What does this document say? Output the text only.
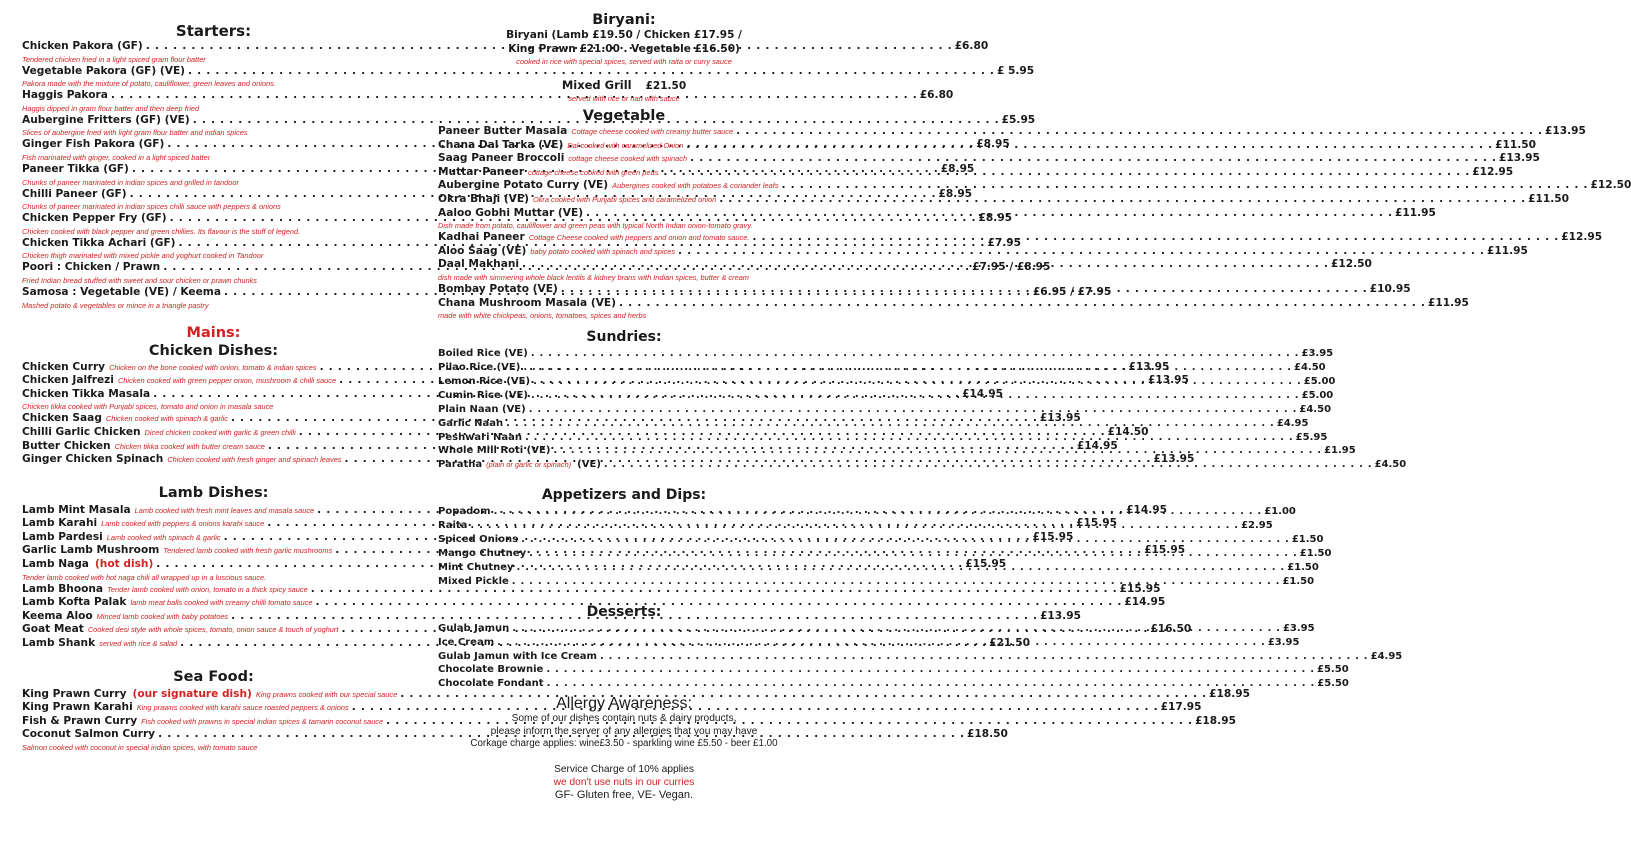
Starters:
Chicken Pakora (GF)
. . .	£6.80
Tendered chicken fried in a light spiced gram flour batter
Vegetable Pakora (GF) (VE)
. . .	£ 5.95
Pakora made with the mixture of potato, cauliflower, green leaves and onions.
Haggis Pakora
. . .	£6.80
Haggis dipped in gram flour batter and then deep fried
Aubergine Fritters (GF) (VE)
. . .	£5.95
Slices of aubergine fried with light gram flour batter and indian spices
Ginger Fish Pakora (GF)
. . .	£8.95
Fish marinated with ginger, cooked in a light spiced batter
Paneer Tikka (GF)
. . .	£8.95
Chunks of paneer marinated in indian spices and grilled in tandoor
Chilli Paneer (GF)
. . .	£8.95
Chunks of paneer marinated in indian spices chilli sauce with peppers & onions
Chicken Pepper Fry (GF)
. . .	£8.95
Chicken cooked with black pepper and green chillies. Its flavour is the stuff of legend.
Chicken Tikka Achari (GF)
. . .	£7.95
Chicken thigh marinated with mixed pickle and yoghurt cooked in Tandoor
Poori : Chicken / Prawn
. . .	£7.95 / £8.95
Fried Indian bread stuffed with sweet and sour chicken or prawn chunks
Samosa : Vegetable (VE) / Keema
. . .	£6.95 / £7.95
Mashed potato & vegetables or mince in a triangle pastry
Mains:
Chicken Dishes:
Chicken Curry Chicken on the bone cooked with onion, tomato & indian spices
. . .	£13.95
Chicken Jalfrezi Chicken cooked with green pepper onion, mushroom & chilli sauce
. . .	£13.95
Chicken Tikka Masala
. . .	£14.95
Chicken tikka cooked with Punjabi spices, tomato and onion in masala sauce
Chicken Saag Chicken cooked with spinach & garlic
. . .	£13.95
Chilli Garlic Chicken Diced chicken cooked with garlic & green chilli
. . .	£14.50
Butter Chicken Chicken tikka cooked with butter cream sauce
. . .	£14.95
Ginger Chicken Spinach Chicken cooked with fresh ginger and spinach leaves
. . .	£13.95
Lamb Dishes:
Lamb Mint Masala Lamb cooked with fresh mint leaves and masala sauce
. . .	£14.95
Lamb Karahi Lamb cooked with peppers & onions karahi sauce
. . .	£15.95
Lamb Pardesi Lamb cooked with spinach & garlic
. . .	£15.95
Garlic Lamb Mushroom Tendered lamb cooked with fresh garlic mushrooms
. . .	£15.95
Lamb Naga (hot dish)
. . .	£15.95
Tender lamb cooked with hot naga chili all wrapped up in a luscious sauce.
Lamb Bhoona Tender lamb cooked with onion, tomato in a thick spicy sauce
. . .	£15.95
Lamb Kofta Palak lamb meat balls cooked with creamy chilli tomato sauce
. . .	£14.95
Keema Aloo Minced lamb cooked with baby potatoes
. . .	£13.95
Goat Meat Cooked desi style with whole spices, tomato, onion sauce & touch of yoghurt
. . .	£16.50
Lamb Shank served with rice & salad
. . .	£21.50
Sea Food:
King Prawn Curry (our signature dish) King prawns cooked with our special sauce
. . .	£18.95
King Prawn Karahi King prawns cooked with karahi sauce roasted peppers & onions
. . .	£17.95
Fish & Prawn Curry Fish cooked with prawns in special indian spices & tamarin coconut sauce
. . .	£18.95
Coconut Salmon Curry
. . .	£18.50
Salmon cooked with coconut in special indian spices, with tomato sauce
Biryani:
Biryani (Lamb £19.50 / Chicken £17.95 /
King Prawn £21.00 . Vegetable £16.50)
cooked in rice with special spices, served with raita or curry sauce
Mixed Grill £21.50
served with rice or nan with sauce
Vegetable
Paneer Butter Masala Cottage cheese cooked with creamy butter sauce
. . .	£13.95
Chana Dal Tarka (VE) Dal cooked with caramelized Onion
. . .	£11.50
Saag Paneer Broccoli cottage cheese cooked with spinach
. . .	£13.95
Muttar Paneer cottage cheese cooked with green peas.
. . .	£12.95
Aubergine Potato Curry (VE) Aubergines cooked with potatoes & coriander leafs
. . .	£12.50
Okra Bhaji (VE) Okra cooked with Punjabi spices and caramelized onion
. . .	£11.50
Aaloo Gobhi Muttar (VE)
. . .	£11.95
Dish made from potato, cauliflower and green peas with typical North Indian onion-tomato gravy.
Kadhai Paneer Cottage Cheese cooked with peppers and onion and tomato sauce.
. . .	£12.95
Aloo Saag (VE) baby potato cooked with spinach and spices
. . .	£11.95
Daal Makhani
. . .	£12.50
dish made with simmering whole black lentils & kidney brans with Indian spices, butter & cream
Bombay Potato (VE)
. . .	£10.95
Chana Mushroom Masala (VE)
. . .	£11.95
made with white chickpeas, onions, tomatoes, spices and herbs
Sundries:
Boiled Rice (VE)
. . .	£3.95
Pilao Rice (VE)
. . .	£4.50
Lemon Rice (VE)
. . .	£5.00
Cumin Rice (VE)
. . .	£5.00
Plain Naan (VE)
. . .	£4.50
Garlic Naan
. . .	£4.95
Peshwari Naan
. . .	£5.95
Whole Mill Roti (VE)
. . .	£1.95
Paratha (plain or garlic or spinach) (VE)
. . .	£4.50
Appetizers and Dips:
Popadom
. . .	£1.00
Raita
. . .	£2.95
Spiced Onions
. . .	£1.50
Mango Chutney
. . .	£1.50
Mint Chutney
. . .	£1.50
Mixed Pickle
. . .	£1.50
Desserts:
Gulab Jamun
. . .	£3.95
Ice Cream
. . .	£3.95
Gulab Jamun with Ice Cream
. . .	£4.95
Chocolate Brownie
. . .	£5.50
Chocolate Fondant
. . .	£5.50
Allergy Awareness:
Some of our dishes contain nuts & dairy products,
please inform the server of any allergies that you may have
Corkage charge applies: wine£3.50 - sparkling wine £5.50 - beer £1.00
Service Charge of 10% applies
we don't use nuts in our curries
GF- Gluten free, VE- Vegan.
